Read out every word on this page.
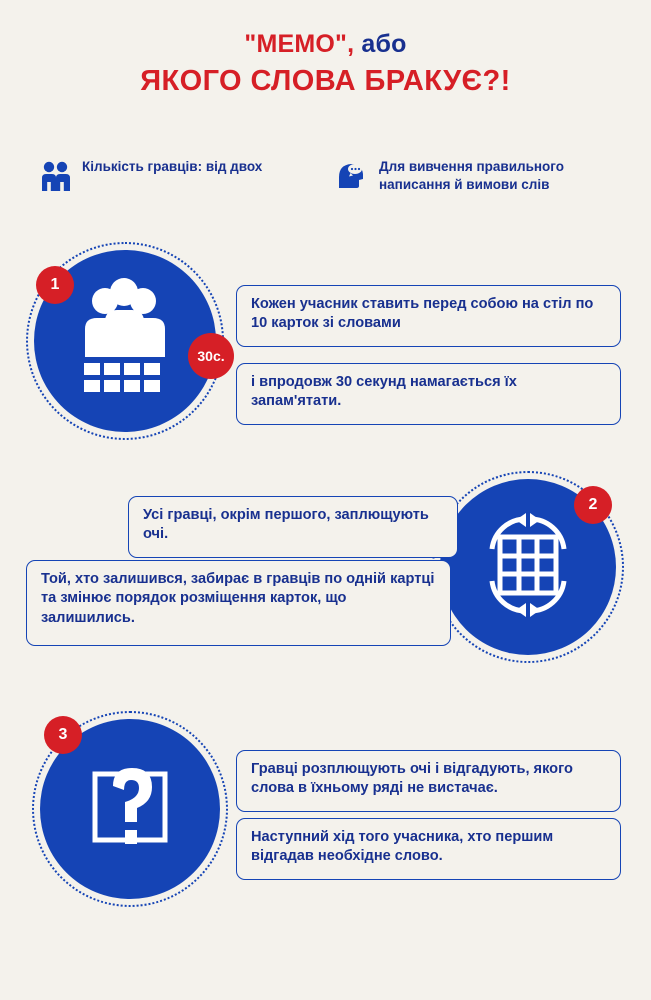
"МЕМО", або
ЯКОГО СЛОВА БРАКУЄ?!
Кількість гравців: від двох	Для вивчення правильного написання й вимови слів
1
30с.

Кожен учасник ставить перед собою на стіл по 10 карток зі словами

і впродовж 30 секунд намагається їх запам'ятати.

2

Усі гравці, окрім першого, заплющують очі.

Той, хто залишився, забирає в гравців по одній картці та змінює порядок розміщення карток, що залишились.

3

Гравці розплющують очі і відгадують, якого слова в їхньому ряді не вистачає.

Наступний хід того учасника, хто першим відгадав необхідне слово.
